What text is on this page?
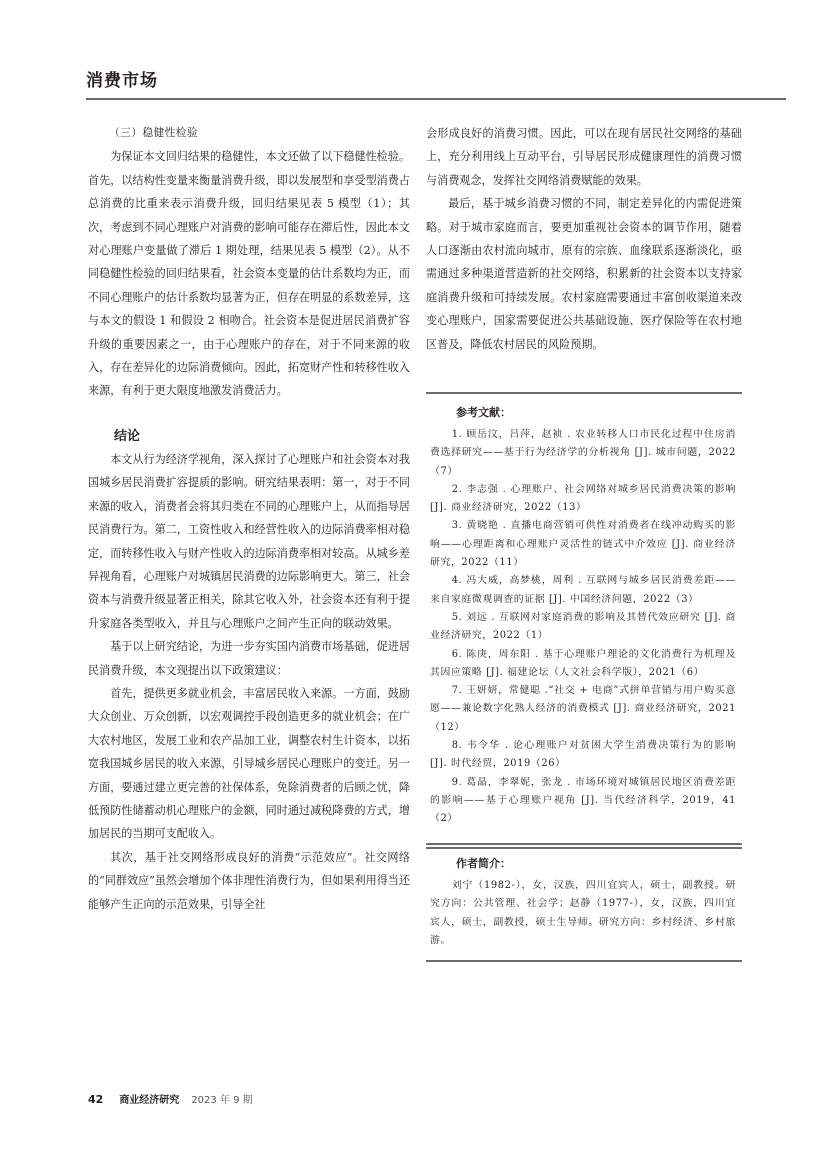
消费市场

（三）稳健性检验

为保证本文回归结果的稳健性，本文还做了以下稳健性检验。首先，以结构性变量来衡量消费升级，即以发展型和享受型消费占总消费的比重来表示消费升级，回归结果见表 5 模型（1）；其次，考虑到不同心理账户对消费的影响可能存在滞后性，因此本文对心理账户变量做了滞后 1 期处理，结果见表 5 模型（2）。从不同稳健性检验的回归结果看，社会资本变量的估计系数均为正，而不同心理账户的估计系数均显著为正，但存在明显的系数差异，这与本文的假设 1 和假设 2 相吻合。社会资本是促进居民消费扩容升级的重要因素之一，由于心理账户的存在，对于不同来源的收入，存在差异化的边际消费倾向。因此，拓宽财产性和转移性收入来源，有利于更大限度地激发消费活力。

结论

本文从行为经济学视角，深入探讨了心理账户和社会资本对我国城乡居民消费扩容提质的影响。研究结果表明：第一，对于不同来源的收入，消费者会将其归类在不同的心理账户上，从而指导居民消费行为。第二，工资性收入和经营性收入的边际消费率相对稳定，而转移性收入与财产性收入的边际消费率相对较高。从城乡差异视角看，心理账户对城镇居民消费的边际影响更大。第三，社会资本与消费升级显著正相关，除其它收入外，社会资本还有利于提升家庭各类型收入，并且与心理账户之间产生正向的联动效果。

基于以上研究结论，为进一步夯实国内消费市场基础，促进居民消费升级，本文现提出以下政策建议：

首先，提供更多就业机会，丰富居民收入来源。一方面，鼓励大众创业、万众创新，以宏观调控手段创造更多的就业机会；在广大农村地区，发展工业和农产品加工业，调整农村生计资本，以拓宽我国城乡居民的收入来源，引导城乡居民心理账户的变迁。另一方面，要通过建立更完善的社保体系，免除消费者的后顾之忧，降低预防性储蓄动机心理账户的金额，同时通过减税降费的方式，增加居民的当期可支配收入。

其次，基于社交网络形成良好的消费“示范效应”。社交网络的“同群效应”虽然会增加个体非理性消费行为，但如果利用得当还能够产生正向的示范效果，引导全社

会形成良好的消费习惯。因此，可以在现有居民社交网络的基础上，充分利用线上互动平台，引导居民形成健康理性的消费习惯与消费观念，发挥社交网络消费赋能的效果。

最后，基于城乡消费习惯的不同，制定差异化的内需促进策略。对于城市家庭而言，要更加重视社会资本的调节作用，随着人口逐渐由农村流向城市，原有的宗族、血缘联系逐渐淡化，亟需通过多种渠道营造新的社交网络，积累新的社会资本以支持家庭消费升级和可持续发展。农村家庭需要通过丰富创收渠道来改变心理账户，国家需要促进公共基础设施、医疗保险等在农村地区普及，降低农村居民的风险预期。

参考文献：
1. 顾岳汶，吕萍，赵祯 . 农业转移人口市民化过程中住房消费选择研究——基于行为经济学的分析视角 [J]. 城市问题，2022（7）
2. 李志强 . 心理账户、社会网络对城乡居民消费决策的影响 [J]. 商业经济研究，2022（13）
3. 黄晓艳 . 直播电商营销可供性对消费者在线冲动购买的影响——心理距离和心理账户灵活性的链式中介效应 [J]. 商业经济研究，2022（11）
4. 冯大威，高梦桃，周利 . 互联网与城乡居民消费差距——来自家庭微观调查的证据 [J]. 中国经济问题，2022（3）
5. 刘远 . 互联网对家庭消费的影响及其替代效应研究 [J]. 商业经济研究，2022（1）
6. 陈庚，周东阳 . 基于心理账户理论的文化消费行为机理及其因应策略 [J]. 福建论坛（人文社会科学版），2021（6）
7. 王妍妍，常健聪 .“社交 + 电商”式拼单营销与用户购买意愿——兼论数字化熟人经济的消费模式 [J]. 商业经济研究，2021（12）
8. 韦令华 . 论心理账户对贫困大学生消费决策行为的影响 [J]. 时代经贸，2019（26）
9. 葛晶，李翠妮，张龙 . 市场环境对城镇居民地区消费差距的影响——基于心理账户视角 [J]. 当代经济科学，2019，41（2）
作者简介：
刘宁（1982-），女，汉族，四川宜宾人，硕士，副教授。研究方向：公共管理、社会学；赵静（1977-），女，汉族，四川宜宾人，硕士，副教授，硕士生导师。研究方向：乡村经济、乡村旅游。
42 商业经济研究 2023 年 9 期
